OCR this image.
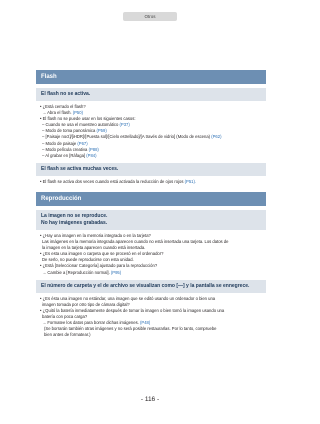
Otros
Flash
El flash no se activa.
• ¿Está cerrado el flash?
→ Abra el flash. (P50)
• El flash no se puede usar en los siguientes casos:
– Cuando se usa el muestreo automático (P37)
– Modo de toma panorámica (P59)
– [Paisaje noct]/[iHDR]/[Puesta sol]/[Cielo estrellado]/[A través de vidrio] (Modo de escena) (P62)
– Modo de paisaje (P67)
– Modo película creativa (P88)
– Al grabar en [Ráfaga] (P84)
El flash se activa muchas veces.
• El flash se activa dos veces cuando está activada la reducción de ojos rojos (P51).
Reproducción
La imagen no se reproduce.
No hay imágenes grabadas.
• ¿Hay una imagen en la memoria integrada o en la tarjeta?
Las imágenes en la memoria integrada aparecen cuando no está insertada una tarjeta. Los datos de
la imagen en la tarjeta aparecen cuando está insertada.
• ¿Es esta una imagen o carpeta que se procesó en el ordenador?
De serlo, no puede reproducirse con esta unidad.
• ¿Está [Seleccionar Categoría] ajustado para la reproducción?
→ Cambie a [Reproducción normal]. (P95)
El número de carpeta y el de archivo se visualizan como [—] y la pantalla se ennegrece.
• ¿Es ésta una imagen no estándar, una imagen que se editó usando un ordenador o bien una
imagen tomada por otro tipo de cámara digital?
• ¿Quitó la batería inmediatamente después de tomar la imagen o bien tomó la imagen usando una
batería con poca carga?
→ Formatee los datos para borrar dichas imágenes. (P48)
(Se borrarán también otras imágenes y no será posible restaurarlas. Por lo tanto, compruebe
bien antes de formatear.)
- 116 -
